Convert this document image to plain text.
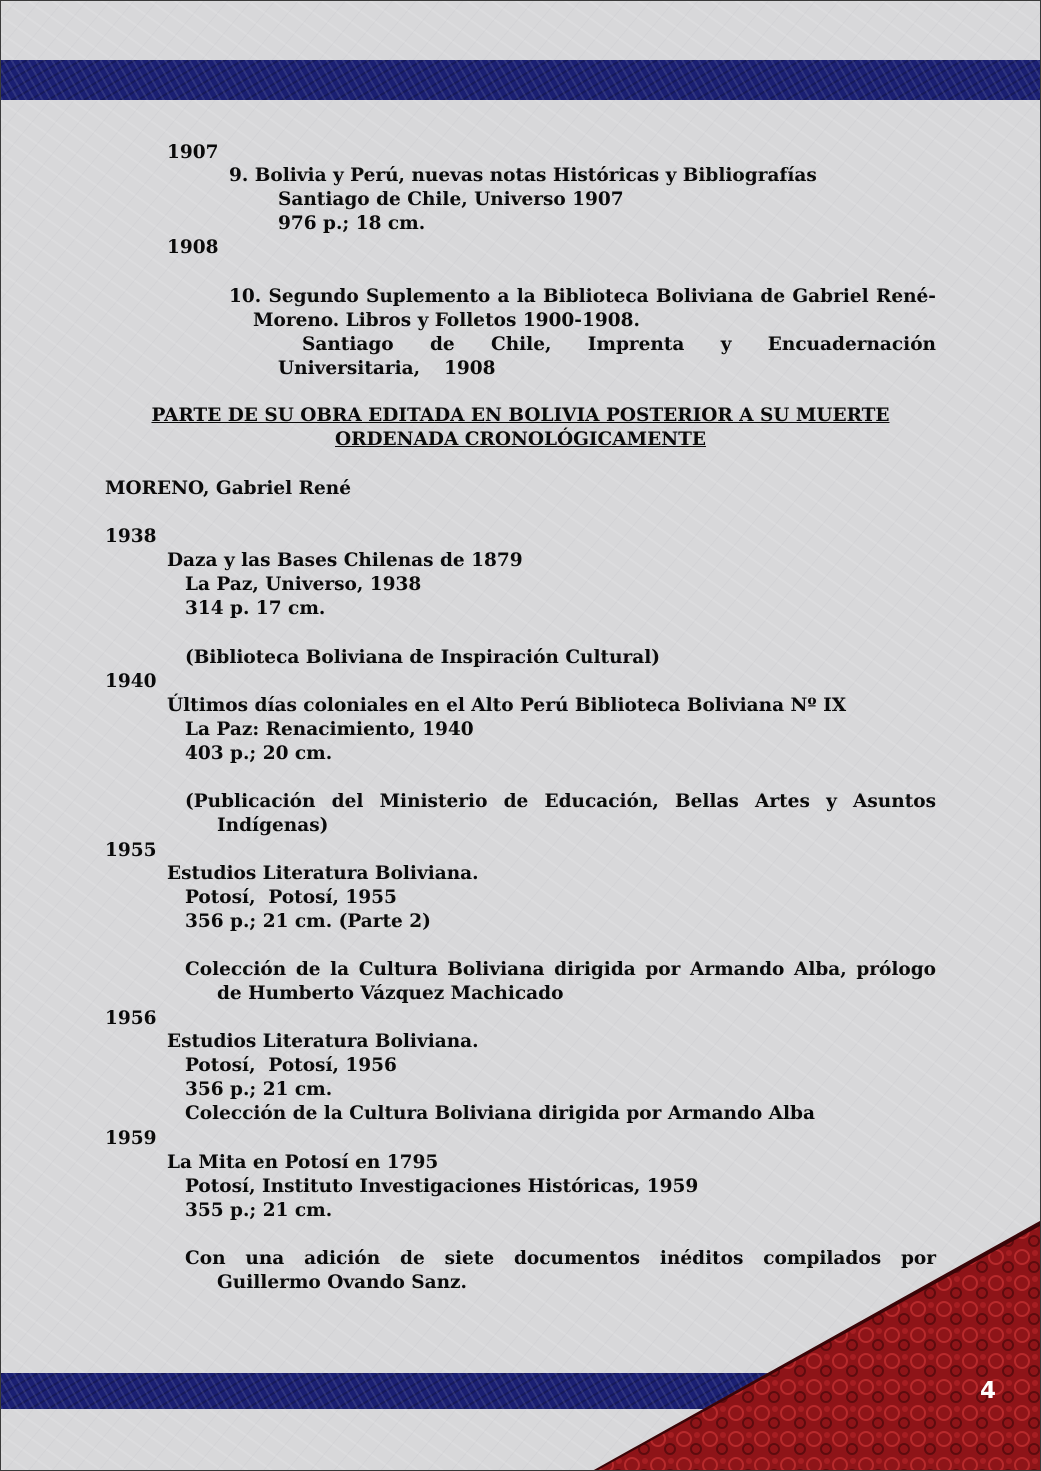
4

1907

9. Bolivia y Perú, nuevas notas Históricas y Bibliografías

Santiago de Chile, Universo 1907

976 p.; 18 cm.

1908

10. Segundo Suplemento a la Biblioteca Boliviana de Gabriel René-Moreno. Libros y Folletos 1900-1908.

Santiago de Chile, Imprenta y Encuadernación Universitaria, 1908

PARTE DE SU OBRA EDITADA EN BOLIVIA POSTERIOR A SU MUERTE

ORDENADA CRONOLÓGICAMENTE

MORENO, Gabriel René

1938

Daza y las Bases Chilenas de 1879

La Paz, Universo, 1938

314 p. 17 cm.

(Biblioteca Boliviana de Inspiración Cultural)

1940

Últimos días coloniales en el Alto Perú Biblioteca Boliviana Nº IX

La Paz: Renacimiento, 1940

403 p.; 20 cm.

(Publicación del Ministerio de Educación, Bellas Artes y Asuntos Indígenas)

1955

Estudios Literatura Boliviana.

Potosí,  Potosí, 1955

356 p.; 21 cm. (Parte 2)

Colección de la Cultura Boliviana dirigida por Armando Alba, prólogo de Humberto Vázquez Machicado

1956

Estudios Literatura Boliviana.

Potosí,  Potosí, 1956

356 p.; 21 cm.

Colección de la Cultura Boliviana dirigida por Armando Alba

1959

La Mita en Potosí en 1795

Potosí, Instituto Investigaciones Históricas, 1959

355 p.; 21 cm.

Con una adición de siete documentos inéditos compilados por Guillermo Ovando Sanz.
